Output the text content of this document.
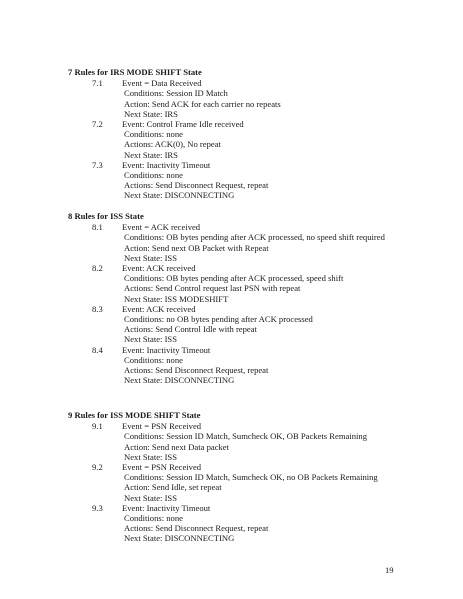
7 Rules for IRS MODE SHIFT State
7.1 Event = Data Received
Conditions: Session ID Match
Action: Send ACK for each carrier no repeats
Next State: IRS
7.2 Event: Control Frame Idle received
Conditions: none
Actions: ACK(0), No repeat
Next State: IRS
7.3 Event: Inactivity Timeout
Conditions: none
Actions: Send Disconnect Request, repeat
Next State: DISCONNECTING
8 Rules for ISS State
8.1 Event = ACK received
Conditions: OB bytes pending after ACK processed, no speed shift required
Action: Send next OB Packet with Repeat
Next State: ISS
8.2 Event: ACK received
Conditions: OB bytes pending after ACK processed, speed shift
Actions: Send Control request last PSN with repeat
Next State: ISS MODESHIFT
8.3 Event: ACK received
Conditions: no OB bytes pending after ACK processed
Actions: Send Control Idle with repeat
Next State: ISS
8.4 Event: Inactivity Timeout
Conditions: none
Actions: Send Disconnect Request, repeat
Next State: DISCONNECTING
9 Rules for ISS MODE SHIFT State
9.1 Event = PSN Received
Conditions: Session ID Match, Sumcheck OK, OB Packets Remaining
Action: Send next Data packet
Next State: ISS
9.2 Event = PSN Received
Conditions: Session ID Match, Sumcheck OK, no OB Packets Remaining
Action: Send Idle, set repeat
Next State: ISS
9.3 Event: Inactivity Timeout
Conditions: none
Actions: Send Disconnect Request, repeat
Next State: DISCONNECTING
19
